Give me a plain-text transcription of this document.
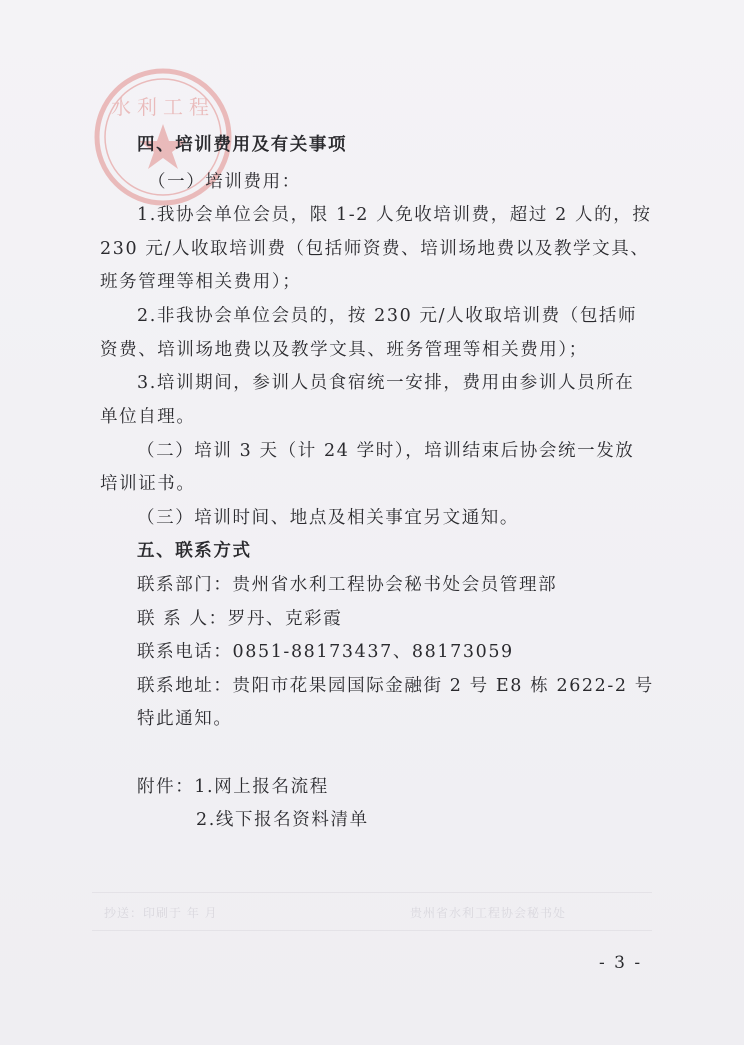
水利工程
四、培训费用及有关事项
（一）培训费用：
1.我协会单位会员，限 1-2 人免收培训费，超过 2 人的，按
230 元/人收取培训费（包括师资费、培训场地费以及教学文具、
班务管理等相关费用）；
2.非我协会单位会员的，按 230 元/人收取培训费（包括师
资费、培训场地费以及教学文具、班务管理等相关费用）；
3.培训期间，参训人员食宿统一安排，费用由参训人员所在
单位自理。
（二）培训 3 天（计 24 学时），培训结束后协会统一发放
培训证书。
（三）培训时间、地点及相关事宜另文通知。
五、联系方式
联系部门：贵州省水利工程协会秘书处会员管理部
联 系 人：罗丹、克彩霞
联系电话：0851-88173437、88173059
联系地址：贵阳市花果园国际金融街 2 号 E8 栋 2622-2 号
特此通知。
附件：1.网上报名流程
2.线下报名资料清单
抄送：印刷于 年 月	贵州省水利工程协会秘书处
- 3 -
